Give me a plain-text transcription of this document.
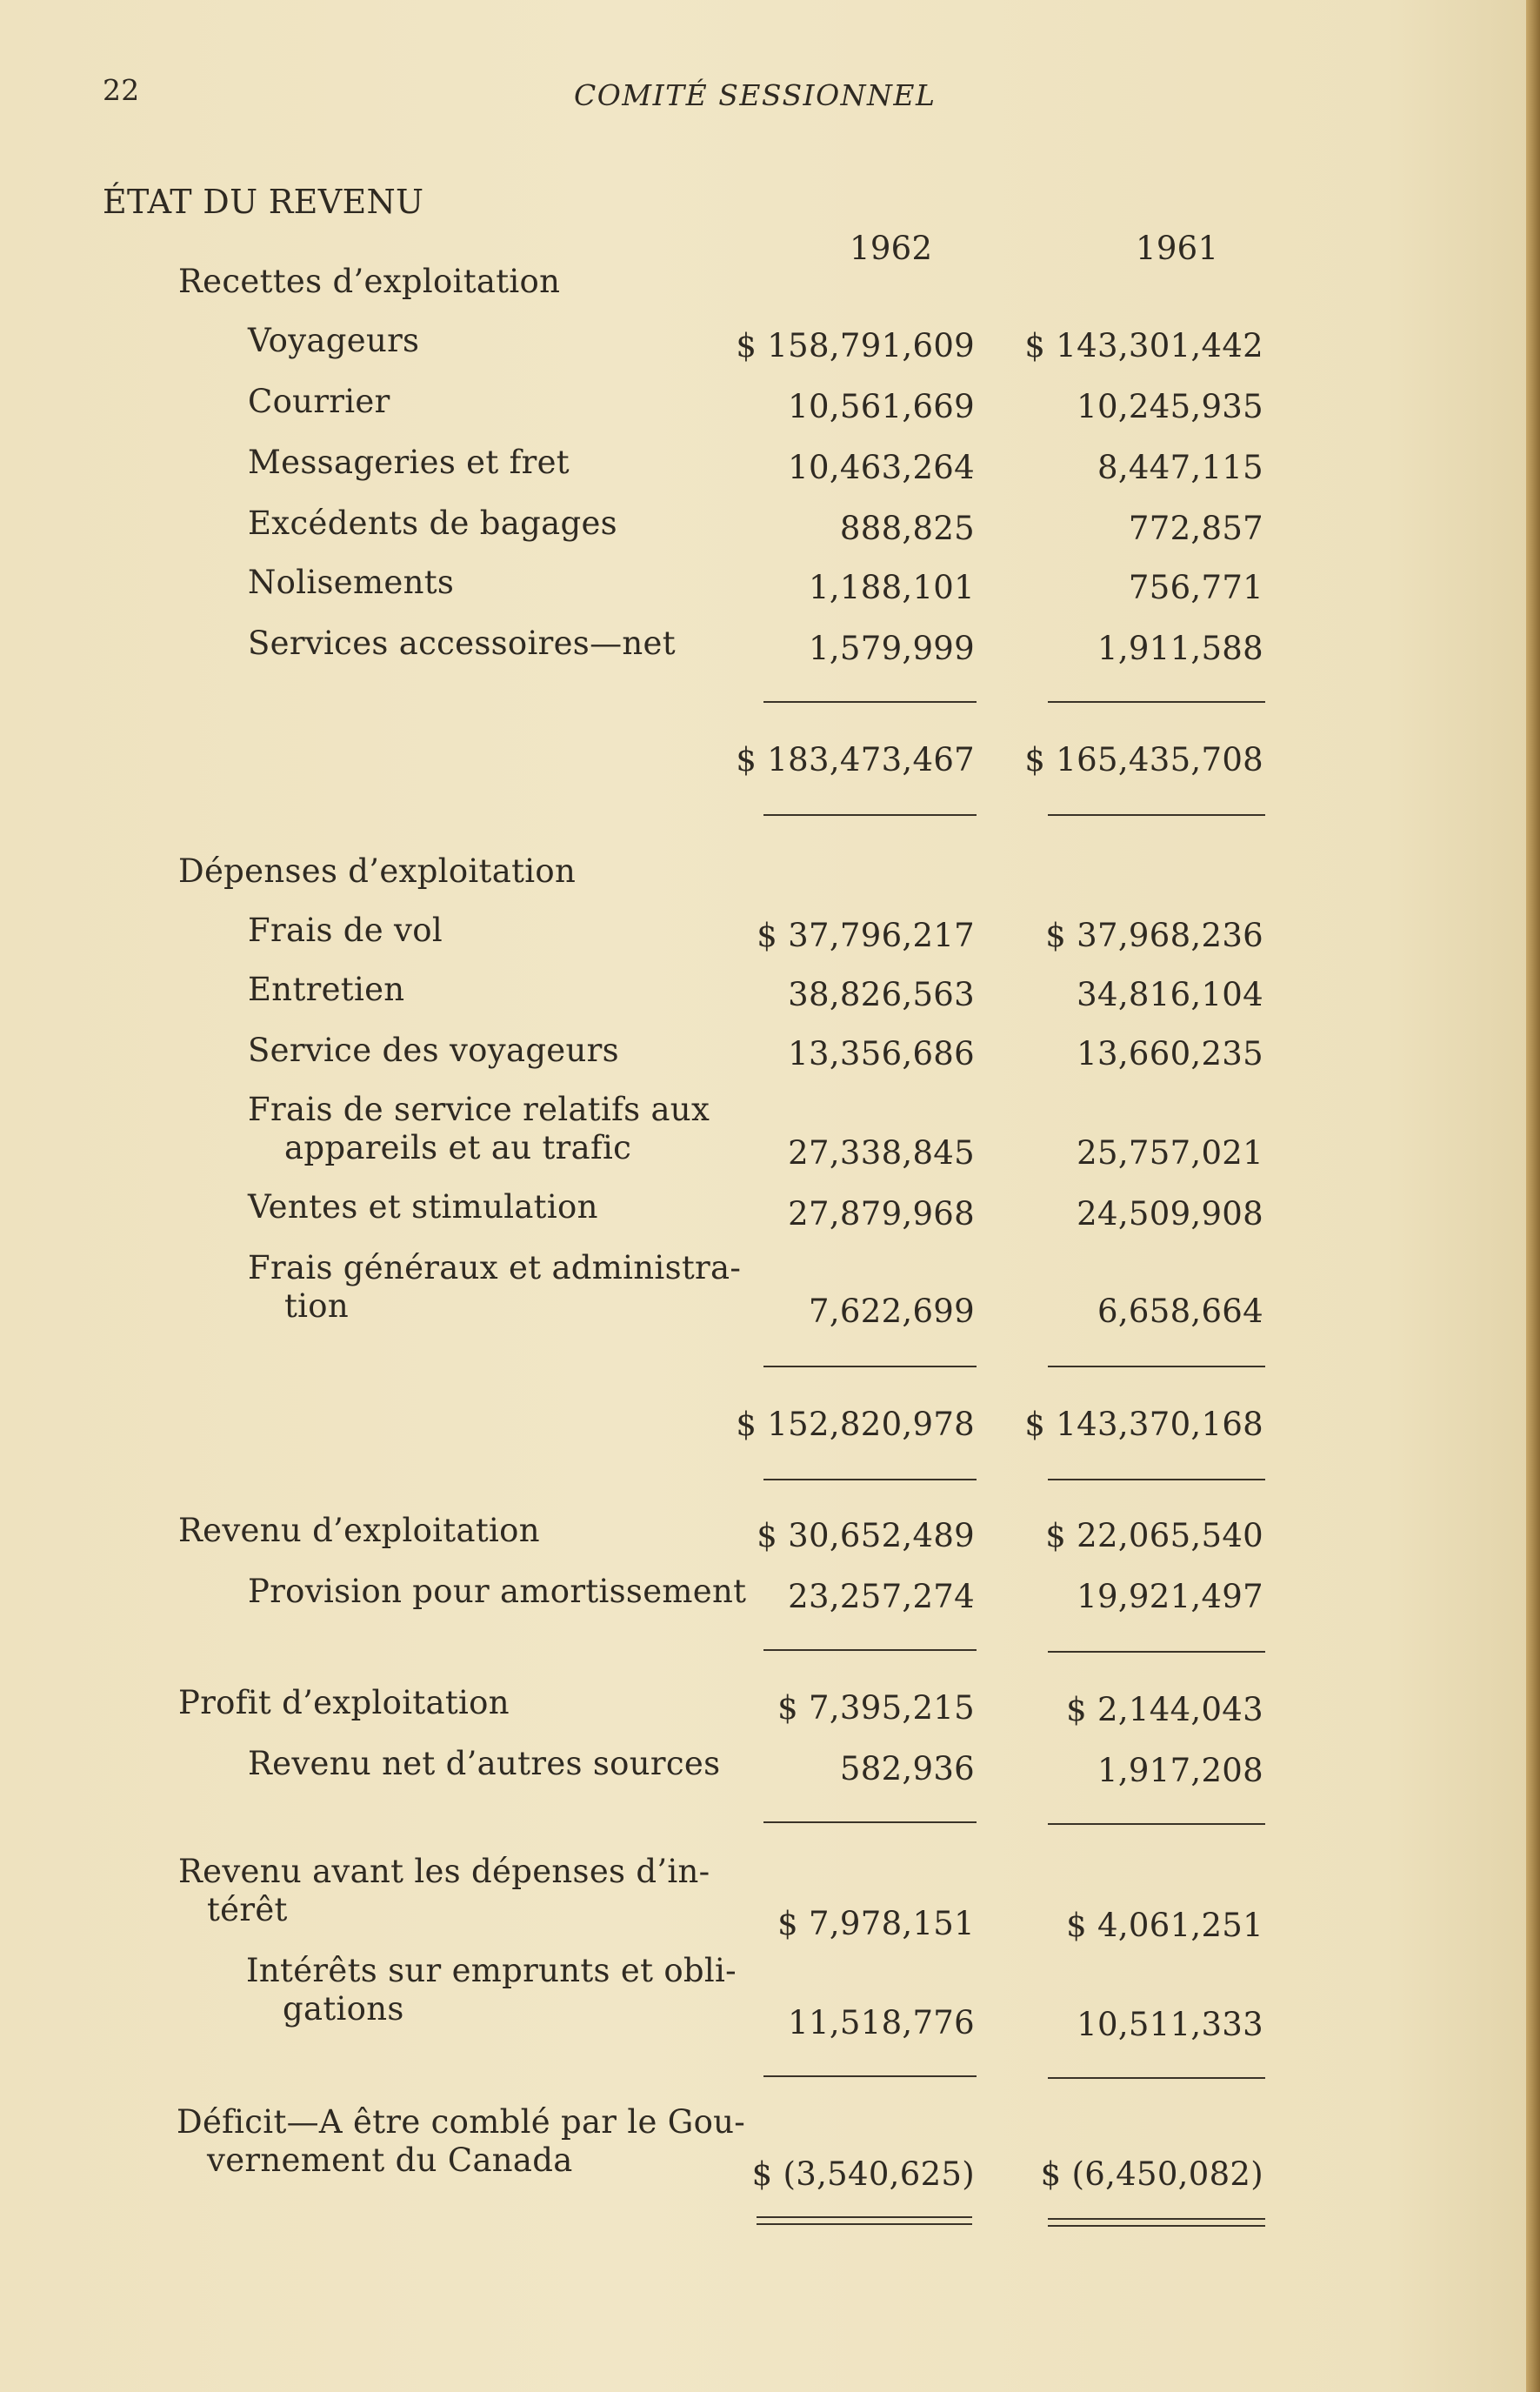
22	COMITÉ SESSIONNEL
ÉTAT DU REVENU
1962	1961
Recettes d’exploitation
Voyageurs	$ 158,791,609 $ 143,301,442
Courrier	10,561,669	10,245,935
Messageries et fret	10,463,264	8,447,115
Excédents de bagages	888,825	772,857
Nolisements	1,188,101	756,771
Services accessoires—net	1,579,999	1,911,588
$ 183,473,467 $ 165,435,708
Dépenses d’exploitation
Frais de vol	$ 37,796,217 $ 37,968,236
Entretien	38,826,563	34,816,104
Service des voyageurs	13,356,686	13,660,235
Frais de service relatifs aux
appareils et au trafic	27,338,845	25,757,021
Ventes et stimulation	27,879,968	24,509,908
Frais généraux et administra-
tion	7,622,699	6,658,664
$ 152,820,978 $ 143,370,168
Revenu d’exploitation	$ 30,652,489 $ 22,065,540
Provision pour amortissement 23,257,274	19,921,497
Profit d’exploitation	$ 7,395,215	$ 2,144,043
Revenu net d’autres sources	582,936	1,917,208
Revenu avant les dépenses d’in-
térêt	$ 7,978,151	$ 4,061,251
Intérêts sur emprunts et obli-
gations	11,518,776	10,511,333
Déficit—A être comblé par le Gou-
vernement du Canada	$ (3,540,625) $ (6,450,082)
